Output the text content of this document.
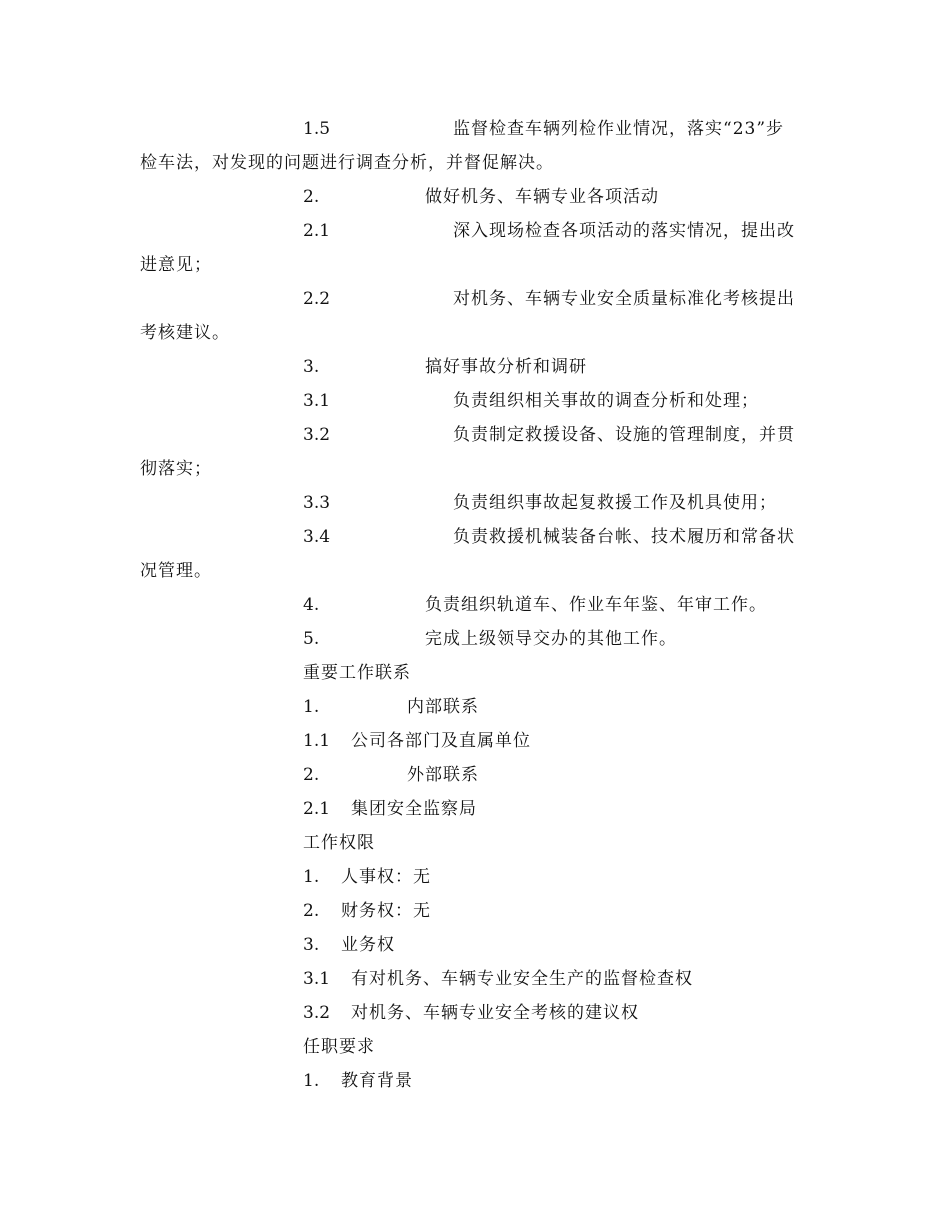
1.5	监督检查车辆列检作业情况，落实“23”步
检车法，对发现的问题进行调查分析，并督促解决。
2.	做好机务、车辆专业各项活动
2.1	深入现场检查各项活动的落实情况，提出改
进意见；
2.2	对机务、车辆专业安全质量标准化考核提出
考核建议。
3.	搞好事故分析和调研
3.1	负责组织相关事故的调查分析和处理；
3.2	负责制定救援设备、设施的管理制度，并贯
彻落实；
3.3	负责组织事故起复救援工作及机具使用；
3.4	负责救援机械装备台帐、技术履历和常备状
况管理。
4.	负责组织轨道车、作业车年鉴、年审工作。
5.	完成上级领导交办的其他工作。
重要工作联系
1.	内部联系
1.1 公司各部门及直属单位
2.	外部联系
2.1 集团安全监察局
工作权限
1. 人事权：无
2. 财务权：无
3. 业务权
3.1 有对机务、车辆专业安全生产的监督检查权
3.2 对机务、车辆专业安全考核的建议权
任职要求
1. 教育背景
